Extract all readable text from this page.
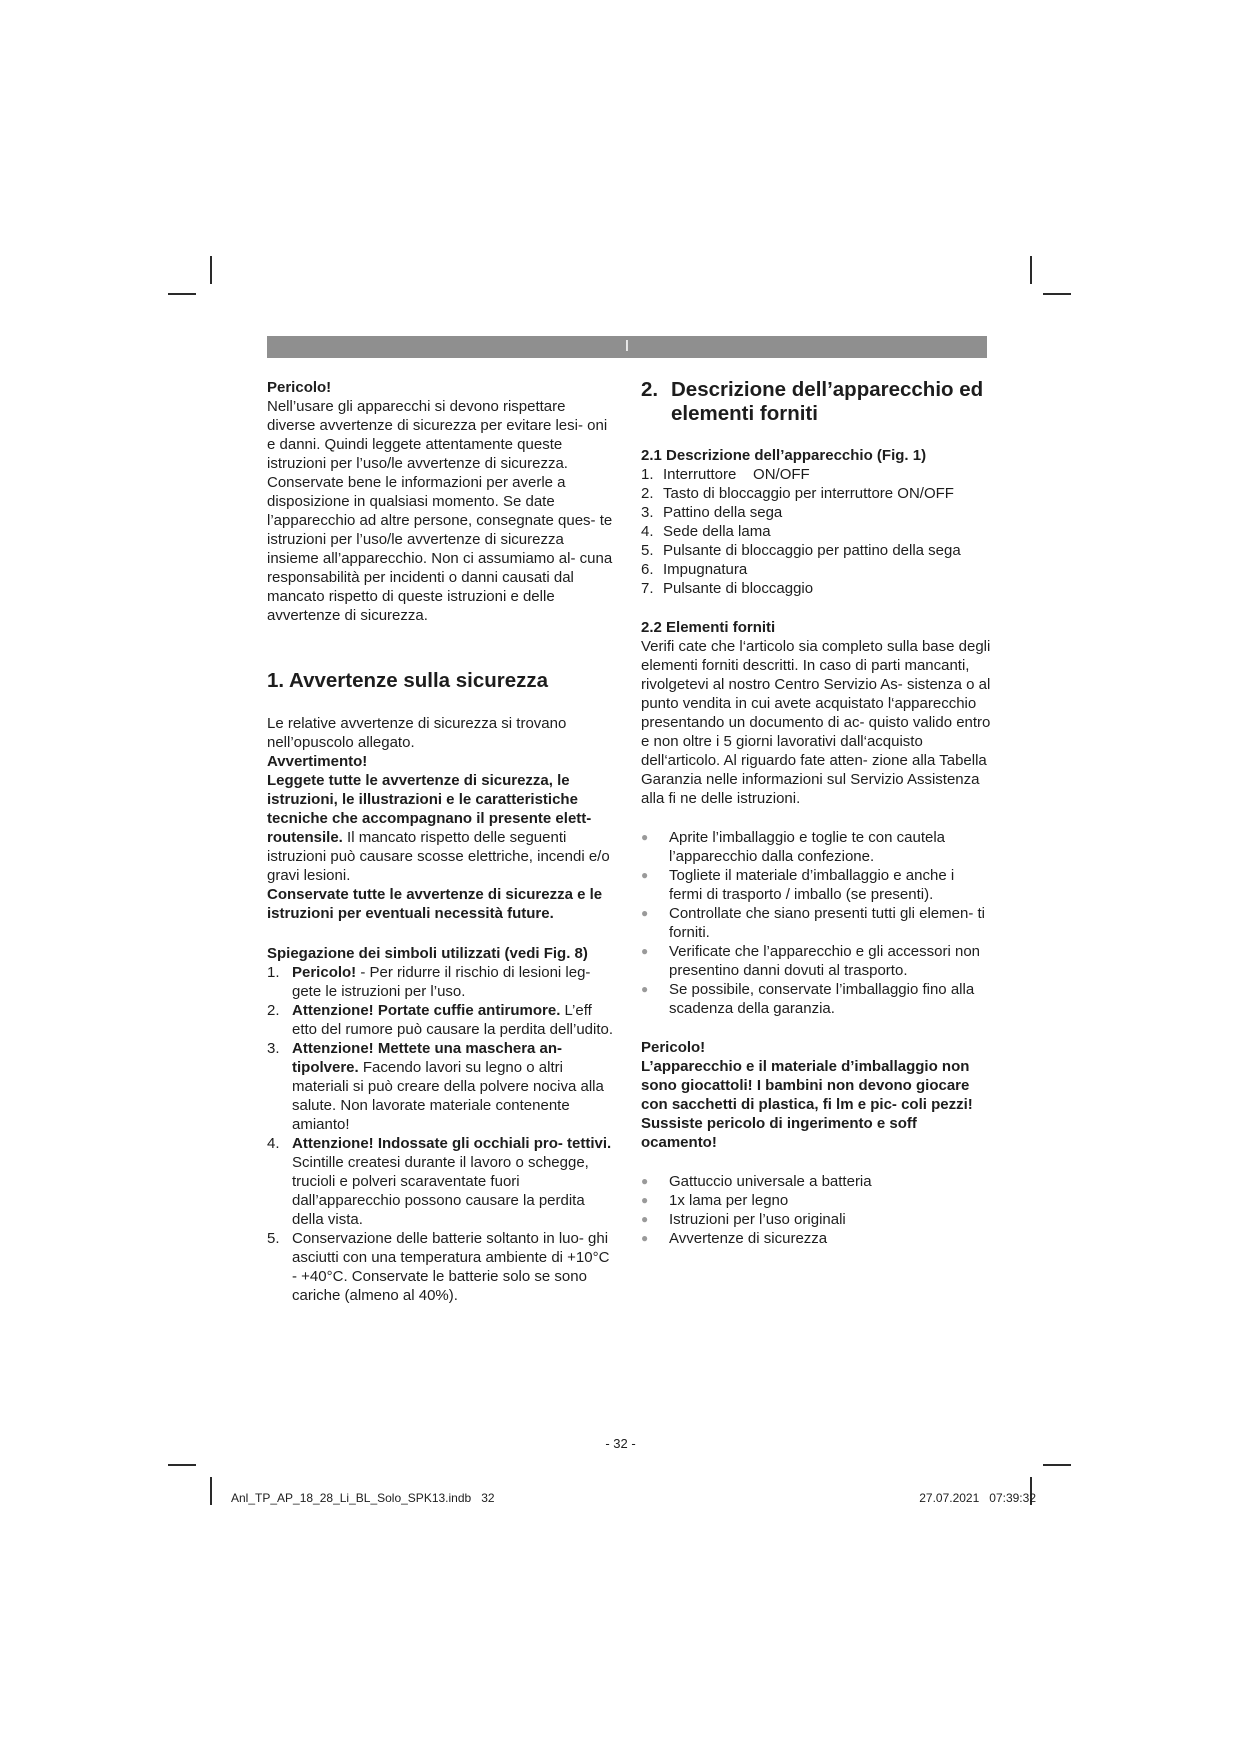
I

Pericolo!

Nell’usare gli apparecchi si devono rispettare diverse avvertenze di sicurezza per evitare lesi- oni e danni. Quindi leggete attentamente queste istruzioni per l’uso/le avvertenze di sicurezza. Conservate bene le informazioni per averle a disposizione in qualsiasi momento. Se date l’apparecchio ad altre persone, consegnate ques- te istruzioni per l’uso/le avvertenze di sicurezza insieme all’apparecchio. Non ci assumiamo al- cuna responsabilità per incidenti o danni causati dal mancato rispetto di queste istruzioni e delle avvertenze di sicurezza.

1. Avvertenze sulla sicurezza

Le relative avvertenze di sicurezza si trovano nell’opuscolo allegato.

Avvertimento!

Leggete tutte le avvertenze di sicurezza, le istruzioni, le illustrazioni e le caratteristiche tecniche che accompagnano il presente elett- routensile. Il mancato rispetto delle seguenti istruzioni può causare scosse elettriche, incendi e/o gravi lesioni.

Conservate tutte le avvertenze di sicurezza e le istruzioni per eventuali necessità future.

Spiegazione dei simboli utilizzati (vedi Fig. 8)

1. Pericolo! - Per ridurre il rischio di lesioni leg- gete le istruzioni per l’uso.
2. Attenzione! Portate cuffie antirumore. L’eff etto del rumore può causare la perdita dell’udito.
3. Attenzione! Mettete una maschera an- tipolvere. Facendo lavori su legno o altri materiali si può creare della polvere nociva alla salute. Non lavorate materiale contenente amianto!
4. Attenzione! Indossate gli occhiali pro- tettivi. Scintille createsi durante il lavoro o schegge, trucioli e polveri scaraventate fuori dall’apparecchio possono causare la perdita della vista.
5. Conservazione delle batterie soltanto in luo- ghi asciutti con una temperatura ambiente di +10°C - +40°C. Conservate le batterie solo se sono cariche (almeno al 40%).
2. Descrizione dell’apparecchio ed elementi forniti

2.1 Descrizione dell’apparecchio (Fig. 1)

1. Interruttore    ON/OFF
2. Tasto di bloccaggio per interruttore ON/OFF
3. Pattino della sega
4. Sede della lama
5. Pulsante di bloccaggio per pattino della sega
6. Impugnatura
7. Pulsante di bloccaggio

2.2 Elementi forniti

Verifi cate che l‘articolo sia completo sulla base degli elementi forniti descritti. In caso di parti mancanti, rivolgetevi al nostro Centro Servizio As- sistenza o al punto vendita in cui avete acquistato l‘apparecchio presentando un documento di ac- quisto valido entro e non oltre i 5 giorni lavorativi dall‘acquisto dell‘articolo. Al riguardo fate atten- zione alla Tabella Garanzia nelle informazioni sul Servizio Assistenza alla fi ne delle istruzioni.

●	Aprite l’imballaggio e toglie te con cautela l’apparecchio dalla confezione.
●	Togliete il materiale d’imballaggio e anche i fermi di trasporto / imballo (se presenti).
●	Controllate che siano presenti tutti gli elemen- ti forniti.
●	Verificate che l’apparecchio e gli accessori non presentino danni dovuti al trasporto.
●	Se possibile, conservate l’imballaggio fino alla scadenza della garanzia.

Pericolo!

L’apparecchio e il materiale d’imballaggio non sono giocattoli! I bambini non devono giocare con sacchetti di plastica, fi lm e pic- coli pezzi! Sussiste pericolo di ingerimento e soff ocamento!

●	Gattuccio universale a batteria
●	1x lama per legno
●	Istruzioni per l’uso originali
●	Avvertenze di sicurezza
- 32 -
Anl_TP_AP_18_28_Li_BL_Solo_SPK13.indb   32	27.07.2021   07:39:32
